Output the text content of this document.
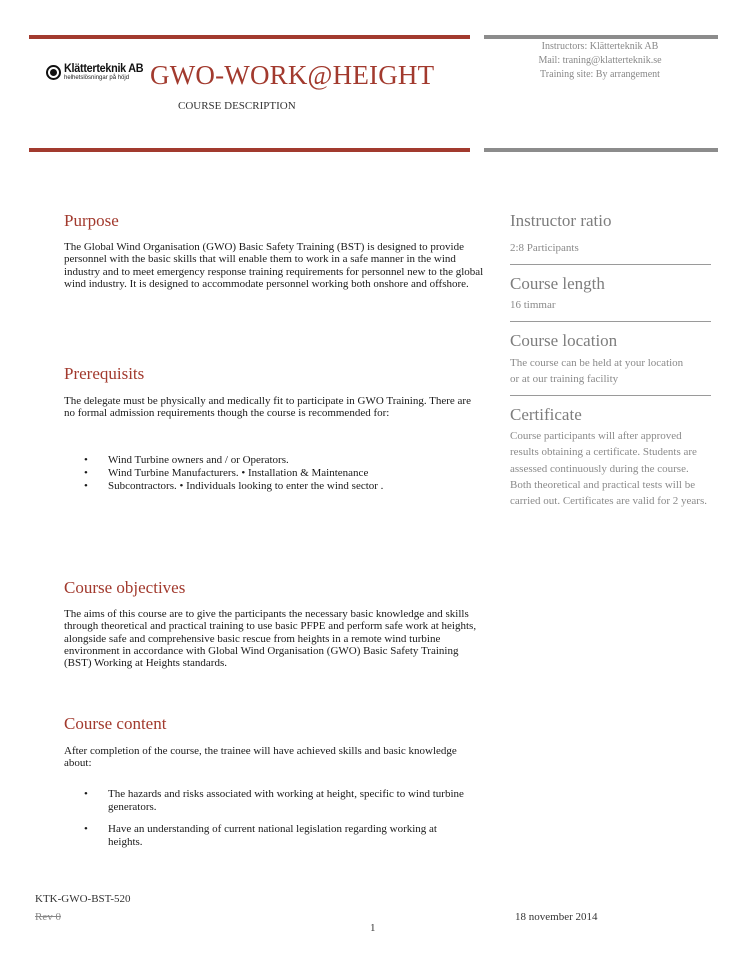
Klätterteknik AB
helhetslösningar på höjd GWO-WORK@HEIGHT
COURSE DESCRIPTION
Instructors: Klätterteknik AB
Mail: traning@klatterteknik.se
Training site: By arrangement
Purpose
The Global Wind Organisation (GWO) Basic Safety Training (BST) is designed to provide personnel with the basic skills that will enable them to work in a safe manner in the wind industry and to meet emergency response training requirements for personnel new to the global wind industry. It is designed to accommodate personnel working both onshore and offshore.
Prerequisits
The delegate must be physically and medically fit to participate in GWO Training. There are no formal admission requirements though the course is recommended for:
• Wind Turbine owners and / or Operators.
• Wind Turbine Manufacturers. • Installation & Maintenance
• Subcontractors. • Individuals looking to enter the wind sector .
Course objectives
The aims of this course are to give the participants the necessary basic knowledge and skills through theoretical and practical training to use basic PFPE and perform safe work at heights, alongside safe and comprehensive basic rescue from heights in a remote wind turbine environment in accordance with Global Wind Organisation (GWO) Basic Safety Training (BST) Working at Heights standards.
Course content
After completion of the course, the trainee will have achieved skills and basic knowledge about:
• The hazards and risks associated with working at height, specific to wind turbine generators.
• Have an understanding of current national legislation regarding working at heights.
Instructor ratio
2:8 Participants
Course length
16 timmar
Course location
The course can be held at your location or at our training facility
Certificate
Course participants will after approved results obtaining a certificate. Students are assessed continuously during the course. Both theoretical and practical tests will be carried out. Certificates are valid for 2 years.
KTK-GWO-BST-520
Rev 0
1
18 november 2014
